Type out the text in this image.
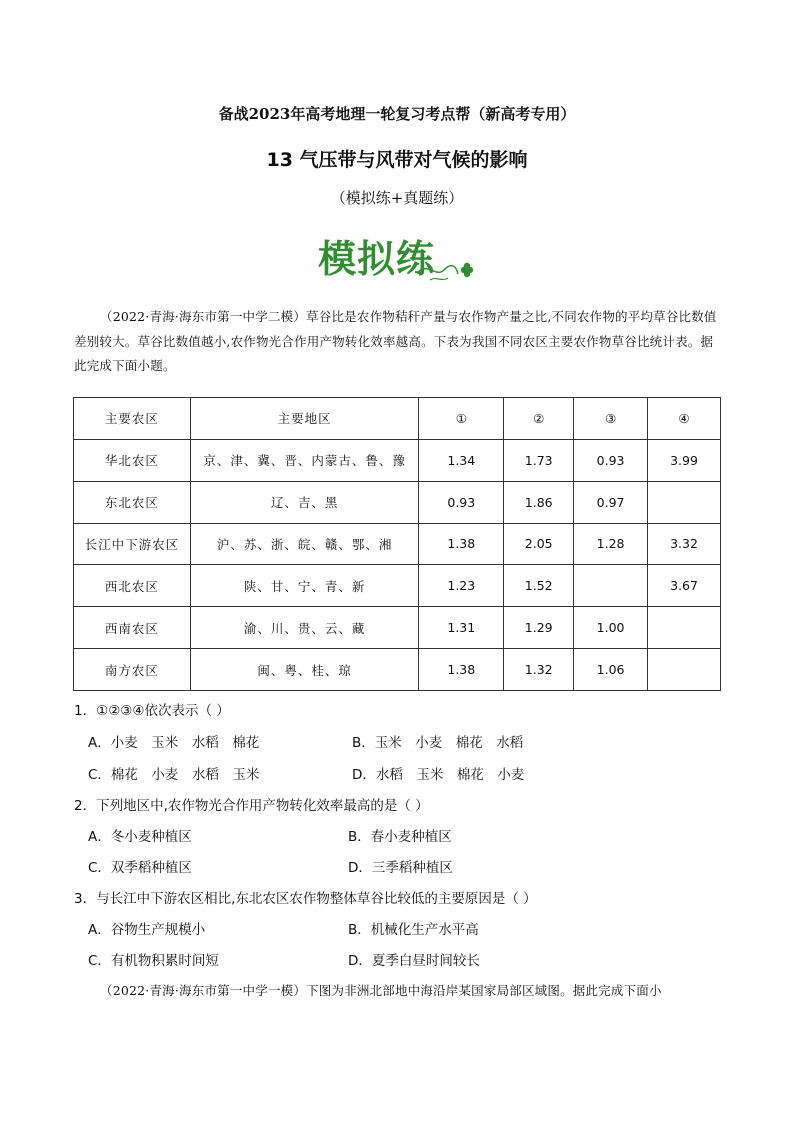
备战2023年高考地理一轮复习考点帮（新高考专用）
13 气压带与风带对气候的影响
（模拟练+真题练）
模拟练
（2022·青海·海东市第一中学二模）草谷比是农作物秸秆产量与农作物产量之比,不同农作物的平均草谷比数值差别较大。草谷比数值越小,农作物光合作用产物转化效率越高。下表为我国不同农区主要农作物草谷比统计表。据此完成下面小题。
主要农区	主要地区	①	②	③	④
华北农区	京、津、冀、晋、内蒙古、鲁、豫	1.34	1.73	0.93	3.99
东北农区	辽、吉、黑	0.93	1.86	0.97	
长江中下游农区	沪、苏、浙、皖、赣、鄂、湘	1.38	2.05	1.28	3.32
西北农区	陕、甘、宁、青、新	1.23	1.52		3.67
西南农区	渝、川、贵、云、藏	1.31	1.29	1.00	
南方农区	闽、粤、桂、琼	1.38	1.32	1.06	
1．①②③④依次表示（ ）
A．小麦　玉米　水稻　棉花	B．玉米　小麦　棉花　水稻
C．棉花　小麦　水稻　玉米	D．水稻　玉米　棉花　小麦
2．下列地区中,农作物光合作用产物转化效率最高的是（ ）
A．冬小麦种植区	B．春小麦种植区
C．双季稻种植区	D．三季稻种植区
3．与长江中下游农区相比,东北农区农作物整体草谷比较低的主要原因是（ ）
A．谷物生产规模小	B．机械化生产水平高
C．有机物积累时间短	D．夏季白昼时间较长
（2022·青海·海东市第一中学一模）下图为非洲北部地中海沿岸某国家局部区域图。据此完成下面小
